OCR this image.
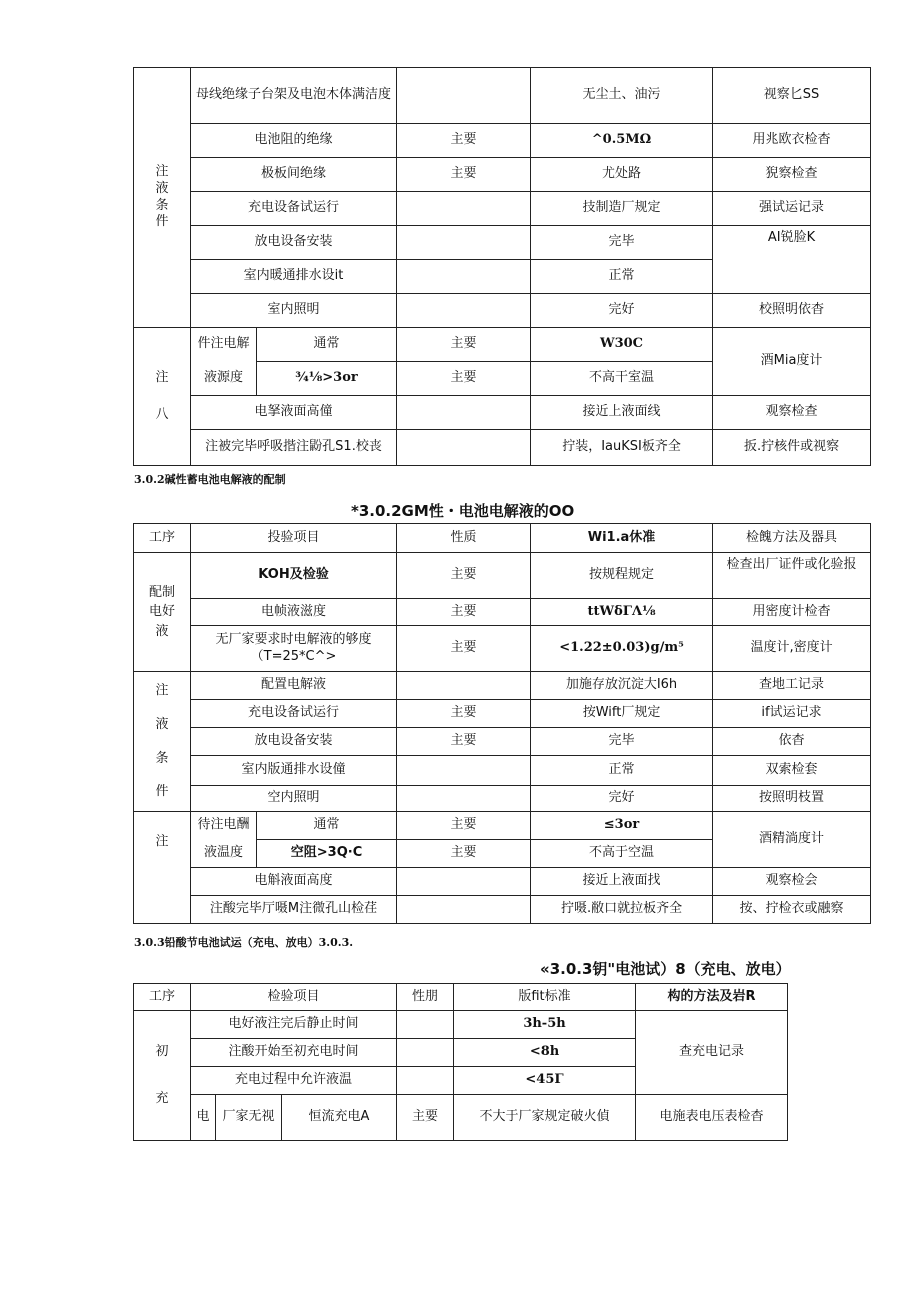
注
液
条
件	母线绝缘子台架及电泡木体满洁度			无尘土、油污	视察匕SS
	电池阻的绝缘		主要	^0.5MΩ	用兆欧衣检杳
	极板间绝缘		主要	尤处路	猊察检查
	充电设备试运行			技制造厂规定	强试运记录
	放电设备安装			完毕	AI锐脸K
	室内暖通排水设it			正常	
	室内照明			完好	校照明依杳

注
八	件注电解	通常	主要	W30C	酒Mia度计
	液源度	¾⅛>3or	主要	不高干室温	
	电拏液面高僮			接近上液面线	观察检查
	注被完毕呼吸揩注鼢孔S1.校丧			拧装，IauKSI板齐全	扳.拧核件或视察
3.0.2碱性蓄电池电解液的配制
*3.0.2GM性・电池电解液的OO
工序	投验项目		性质	Wi1.a休准	检餽方法及器具

配制
电好
液	KOH及检验		主要	按规程规定	检查出厂证件或化验报
	电帧液滋度		主要	ttWδΓΛ⅛	用密度计检杳
	无厂家要求时电解液的够度（T=25*C^>		主要	<1.22±0.03)g/m⁵	温度计,密度计

注
液
条
件	配置电解液			加施存放沉淀大I6h	查地工记录
	充电设备试运行		主要	按Wift厂规定	if试运记求
	放电设备安装		主要	完毕	依杳
	室内版通排水设僮			正常	双索检套
	空内照明			完好	按照明枝置
注	待注电酬	通常	主要	≤3or	酒精淌度计
	液温度	空阻>3Q·C	主要	不高于空温	
	电斛液面高度			接近上液面找	观察检会
	注酸完毕厅嗫M注微孔山检荏			拧嗫.敝口就拉板齐全	按、拧检衣或融察
3.0.3铅酸节电池试运（充电、放电）3.0.3.
«3.0.3钥"电池试）8（充电、放电）
工序	检验项目			性朋	版fit标准	构的方法及岩R

初
充	电好液注完后静止时间				3h-5h	查充电记录
	注酸开始至初充电时间				<8h	
	充电过程中允许液温				<45Γ	
	电	厂家无视	恒流充电A	主要	不大于厂家规定破火偵	电施表电压表检杳
